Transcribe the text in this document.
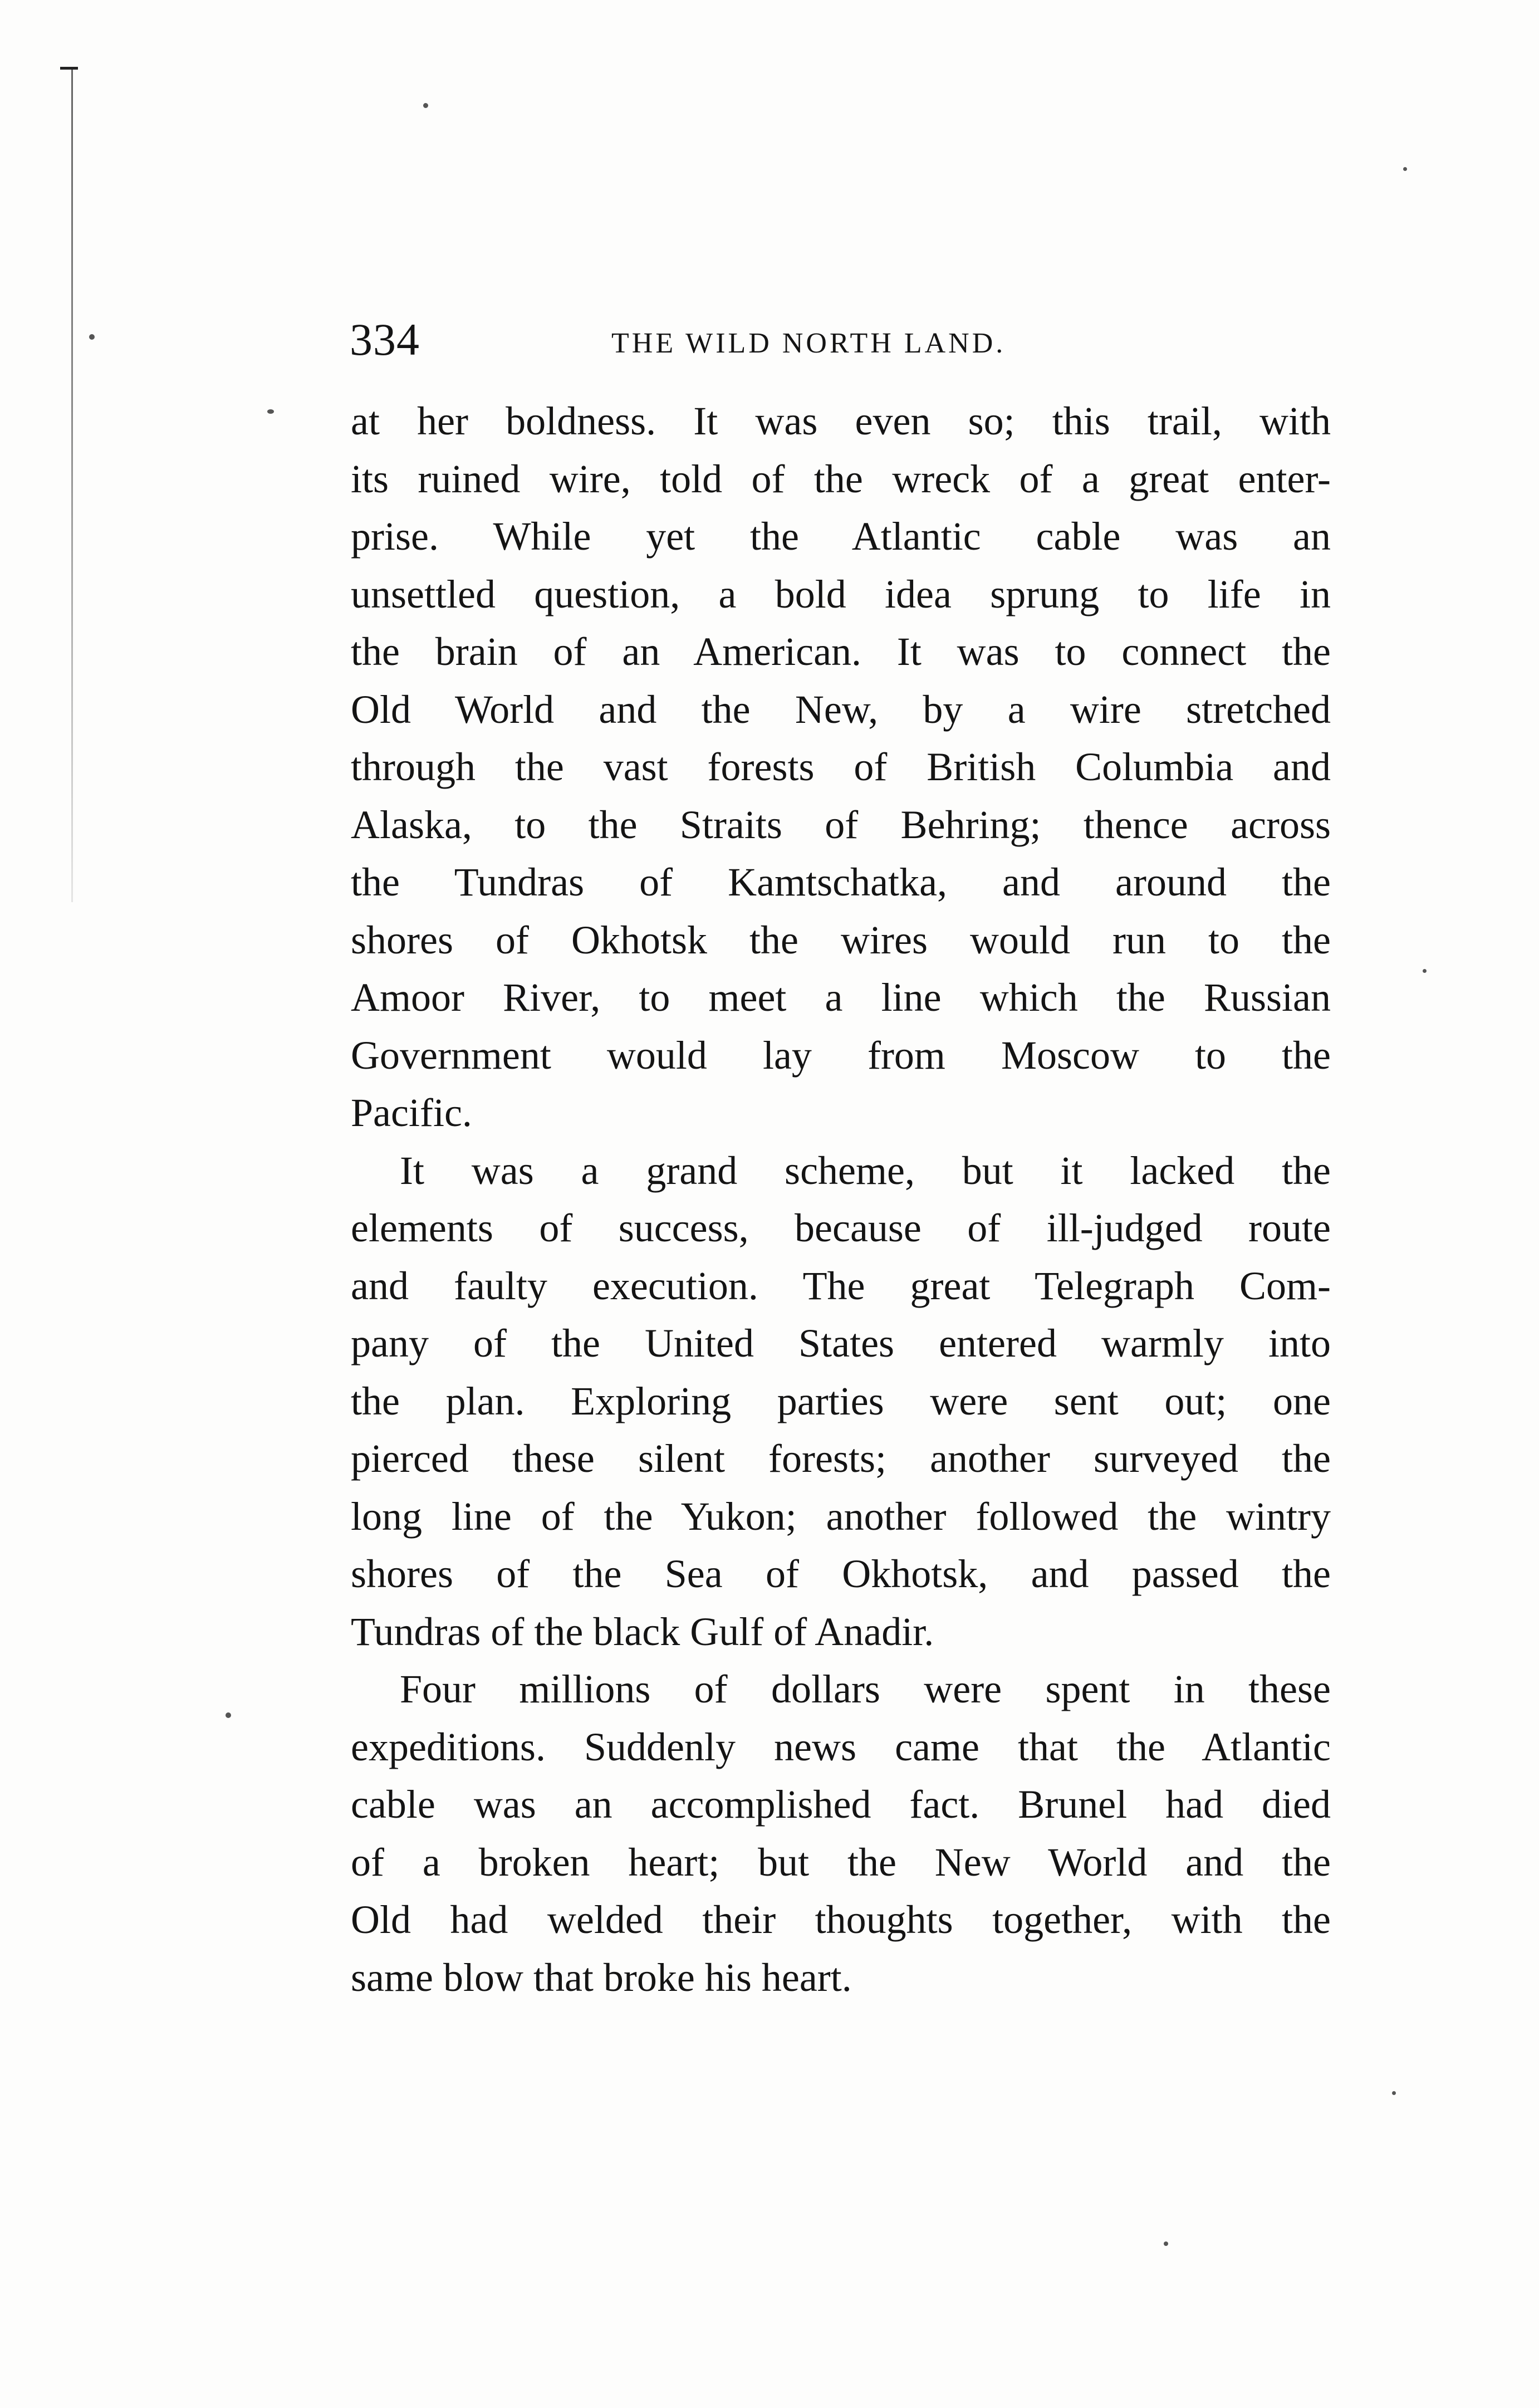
334	THE WILD NORTH LAND.
at her boldness. It was even so; this trail, with
its ruined wire, told of the wreck of a great enter-
prise. While yet the Atlantic cable was an
unsettled question, a bold idea sprung to life in
the brain of an American. It was to connect the
Old World and the New, by a wire stretched
through the vast forests of British Columbia and
Alaska, to the Straits of Behring; thence across
the Tundras of Kamtschatka, and around the
shores of Okhotsk the wires would run to the
Amoor River, to meet a line which the Russian
Government would lay from Moscow to the
Pacific.
It was a grand scheme, but it lacked the
elements of success, because of ill-judged route
and faulty execution. The great Telegraph Com-
pany of the United States entered warmly into
the plan. Exploring parties were sent out; one
pierced these silent forests; another surveyed the
long line of the Yukon; another followed the wintry
shores of the Sea of Okhotsk, and passed the
Tundras of the black Gulf of Anadir.
Four millions of dollars were spent in these
expeditions. Suddenly news came that the Atlantic
cable was an accomplished fact. Brunel had died
of a broken heart; but the New World and the
Old had welded their thoughts together, with the
same blow that broke his heart.
